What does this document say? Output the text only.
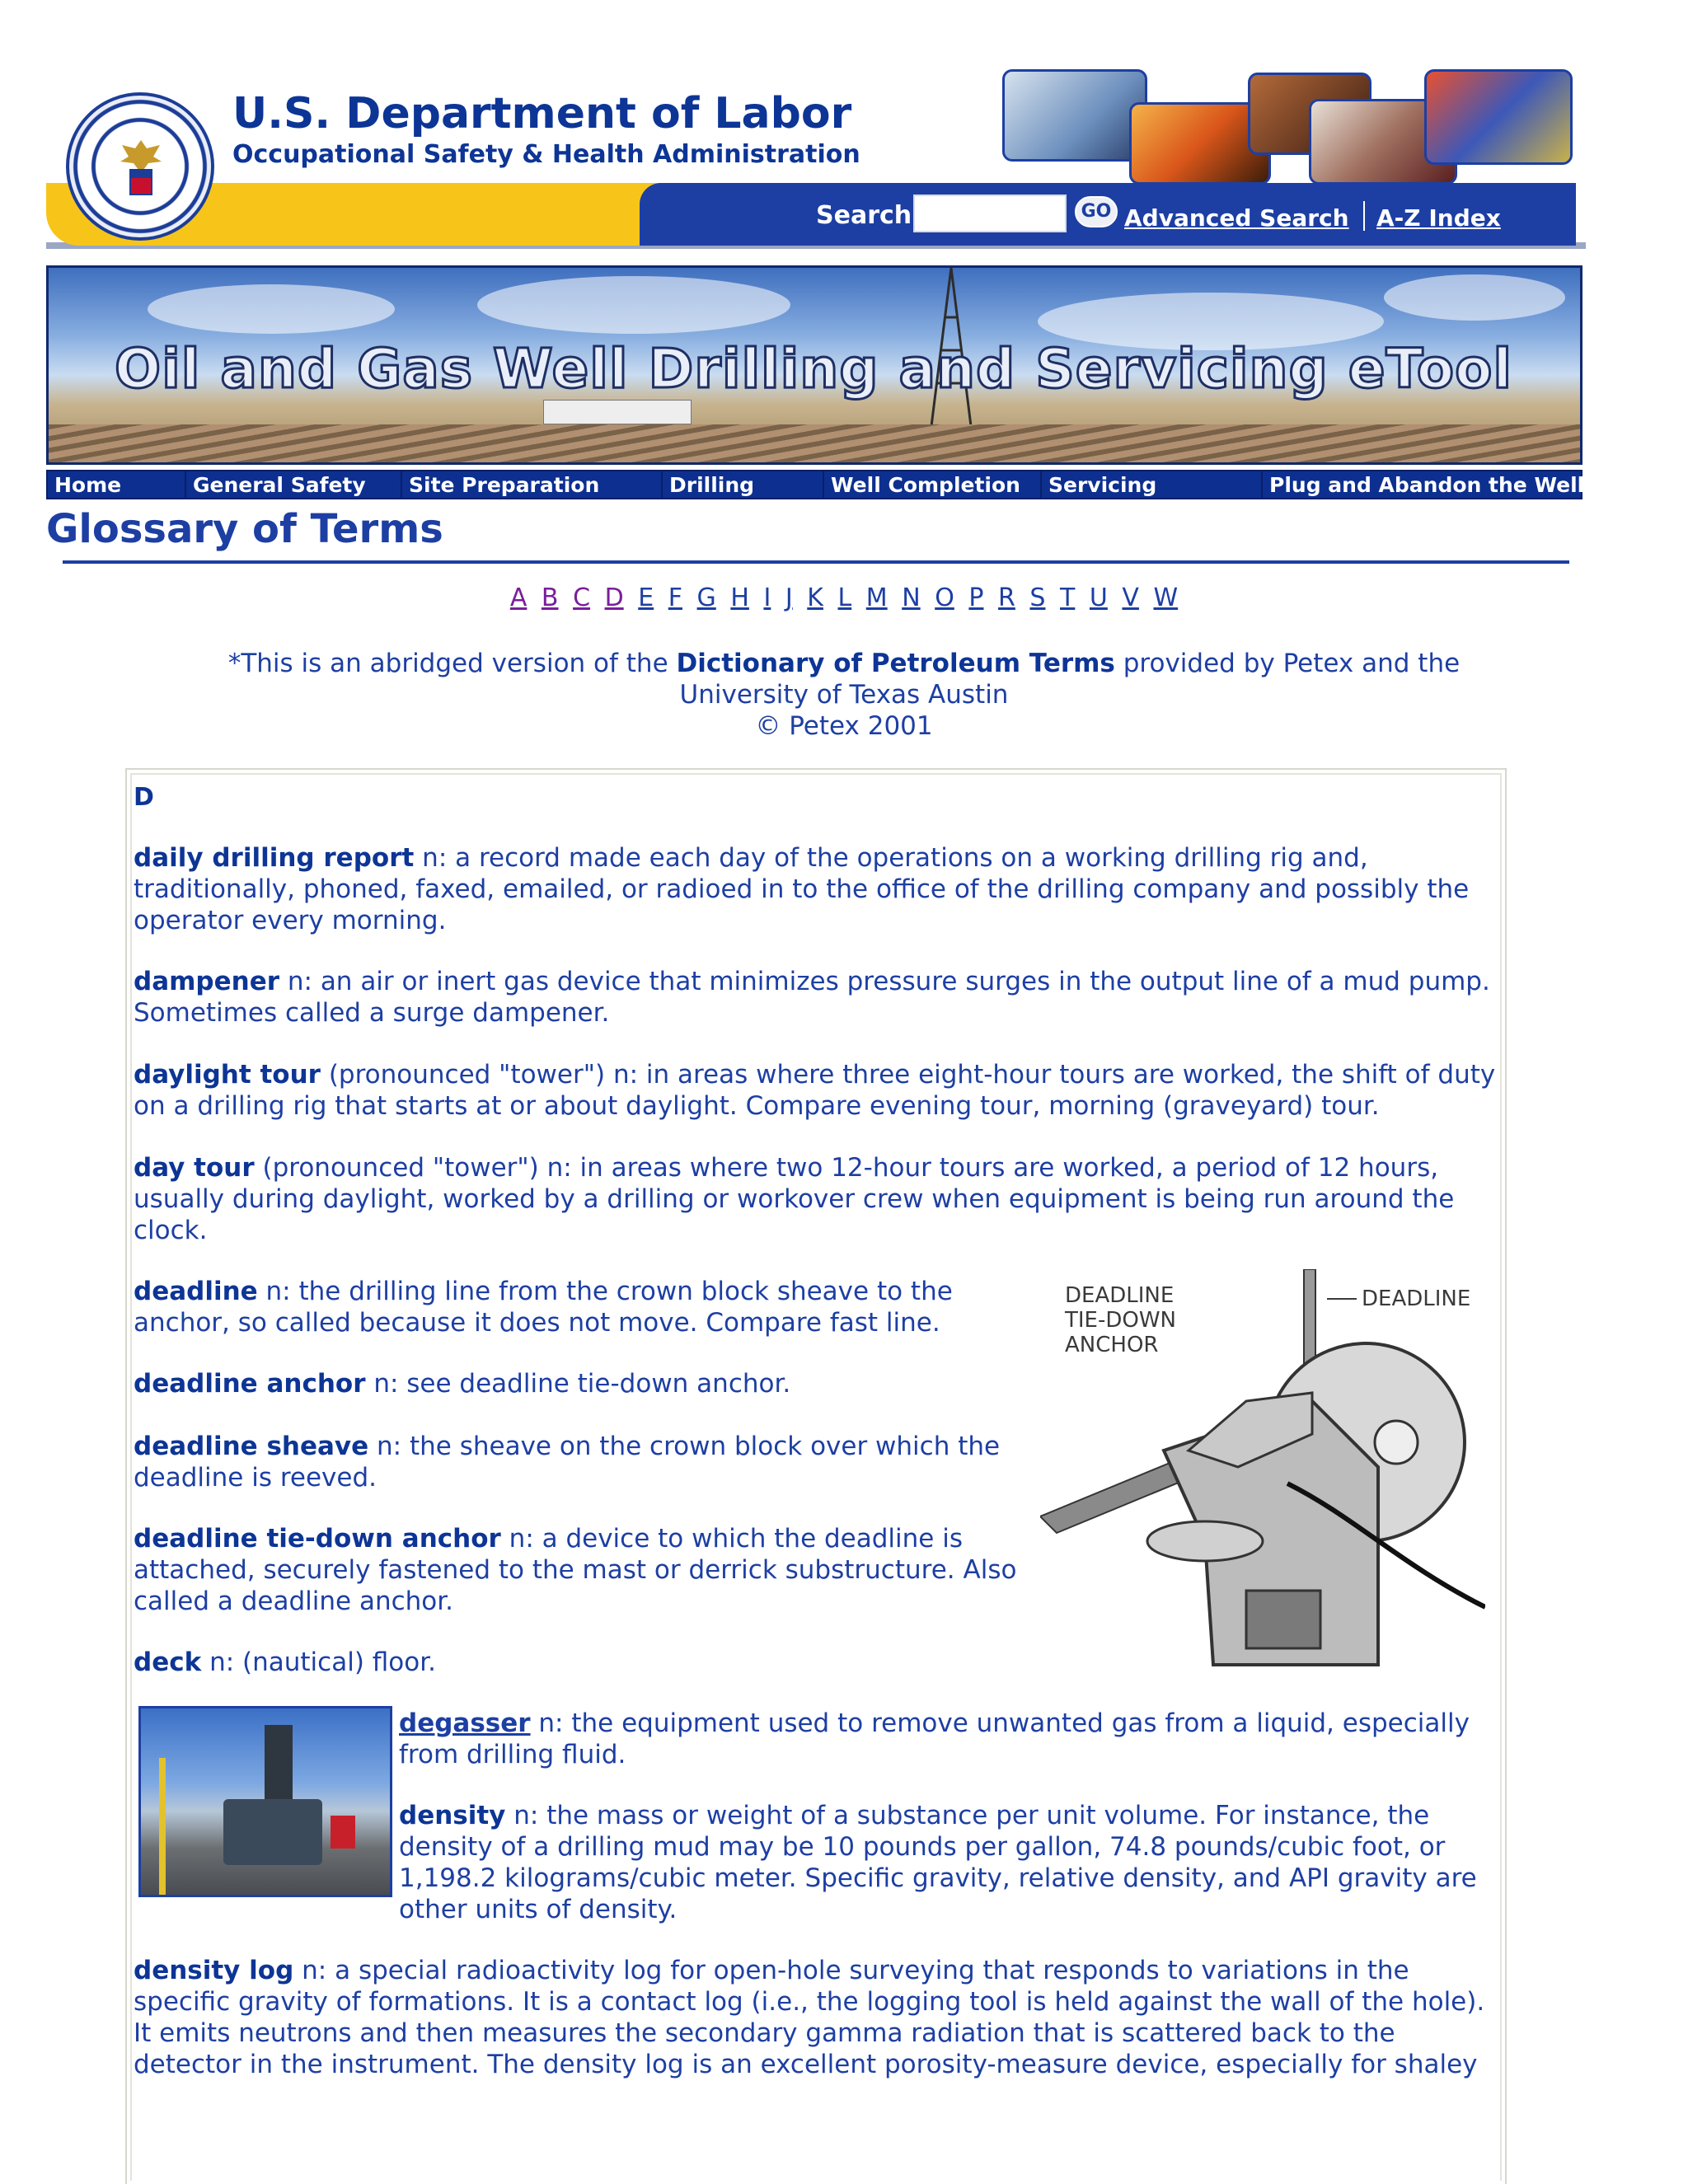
U.S. Department of Labor
Occupational Safety & Health Administration
Search	GO Advanced Search A-Z Index
Oil and Gas Well Drilling and Servicing eTool
Home	General Safety	Site Preparation	Drilling	Well Completion	Servicing	Plug and Abandon the Well
Glossary of Terms
A B C D E F G H I J K L M N O P R S T U V W
*This is an abridged version of the Dictionary of Petroleum Terms provided by Petex and the
University of Texas Austin
© Petex 2001
D
daily drilling report n: a record made each day of the operations on a working drilling rig and, traditionally, phoned, faxed, emailed, or radioed in to the office of the drilling company and possibly the operator every morning.
dampener n: an air or inert gas device that minimizes pressure surges in the output line of a mud pump. Sometimes called a surge dampener.
daylight tour (pronounced "tower") n: in areas where three eight-hour tours are worked, the shift of duty on a drilling rig that starts at or about daylight. Compare evening tour, morning (graveyard) tour.
day tour (pronounced "tower") n: in areas where two 12-hour tours are worked, a period of 12 hours, usually during daylight, worked by a drilling or workover crew when equipment is being run around the clock.
deadline n: the drilling line from the crown block sheave to the anchor, so called because it does not move. Compare fast line.
deadline anchor n: see deadline tie-down anchor.
deadline sheave n: the sheave on the crown block over which the deadline is reeved.
deadline tie-down anchor n: a device to which the deadline is attached, securely fastened to the mast or derrick substructure. Also called a deadline anchor.
deck n: (nautical) floor.
DEADLINE
TIE-DOWN
ANCHOR
DEADLINE
degasser n: the equipment used to remove unwanted gas from a liquid, especially from drilling fluid.
density n: the mass or weight of a substance per unit volume. For instance, the density of a drilling mud may be 10 pounds per gallon, 74.8 pounds/cubic foot, or 1,198.2 kilograms/cubic meter. Specific gravity, relative density, and API gravity are other units of density.
density log n: a special radioactivity log for open-hole surveying that responds to variations in the specific gravity of formations. It is a contact log (i.e., the logging tool is held against the wall of the hole). It emits neutrons and then measures the secondary gamma radiation that is scattered back to the detector in the instrument. The density log is an excellent porosity-measure device, especially for shaley
